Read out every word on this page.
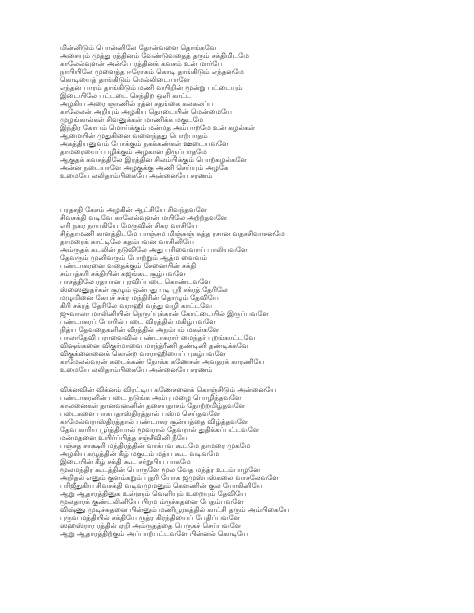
மின்னிடும் பொன்னிலே தோன்வளை தொங்கவே
அசையும் முத்து ரத்தினம் வேண்டுவதைத் தரும் சக்திமிடமே
காலேல்வுளன் அன்பே ரத்தினக் கவசம் உன் மார்பே
நாபியிலே முளைத்த ஈரோகம் கொடி தாங்கிடும் எந்தனமே
கொடியைத் தாங்கிடும் மெல்லிடையாளே
எந்தன பாரம் தாங்கிடும் மணி வயிறின் மூன்று பட்டையும்
இடையிலே பட்டடை செந்திற ஒளி காட்ட
அழகிய அரை ஞாணில் ரத்ன சதங்கை கலகலப்ப
காலேலன் அறியும் அழகிய தொடையின் மென்மையே
முழங்கால்கள் சிவனுக்கள் மாணிக்க மகுடமே
இந்திர கோபம் மொய்க்கும் மன்மத அம்பாறமே உன் கழல்கள்
ஆமையின் முதுகினை வளைந்தது பொற்பாதம்
அகத்தியனுவம் போக்கும் நகக்கண்கள் ஊடையவளே
தாமரையைப் பழிக்கும் அழகான திருப்பாதமே
ஆகுதக் கவசத்திலே இரத்தின சிலம்பிக்கும் பொற்கழல்களே
அன்ன நடையாளே அழகுக்கு அணி செய்யும் அழகே
உமையே லலிதாம்பிகையே அன்னையே சரணம்
பரதசதி கேசம் அழகின் ஆட்சியே சிவந்தவளே
சிவசக்தி வடிவே காலேல்வுளன் மயிலே அற்ற்தவளே
எரி நகர நாயகியே மேருவின் சிகர வாசியே
சிந்தாமணி காளத்திடமே பாஞ்சம மிஞ்சுஞ் சுத்த ரசான வதசசிவாசனமே
தாமரைக் காட்டிலே கதம்பவன வாசினியே
அம்ருதக் கடலின் நடுவிலே அது பரிவைவாய் பாலியவளே
தேவரும் முனிவரும் போற்றும் ஆத்ம வைவம்
பண்டாசுரனை வதைக்கும் சேனையின் சக்தி
சம்பத்கரி சக்தியின் கஜங்கட சூழ்பவளே
பாசத்திலே ரதயான புரவிப்படை கொண்டவளே
ஸ்ஸைனுதர்கள் சூழும் ஒன்பது படி ஸ்ரீ சக்ரத் தேரிலே
மழுமினை கேயச் சக்ர மந்திரின் தொழும் தேவியே
கிரி சக்ரத் தேரிலே வராஹி வந்து வழி காட்டவே
ஜுவாலா மாலினியின் நெருப்புக்கான் கோட்டையில் இருப்பவளே
பண்டாசுரப் போரில் படை விரத்தில் மகிழ்பவளே
நித்ய தேவதைகளின் வீரத்தில் அநம்பம் மகள்களே
பாலாதேவி பராவைவில் பண்டாசுரார் மைந்தர் புறங்காட்டவே
விஷங்கனை விகுர்மாவை மாந்த்ரீணி தண்டினி தண்டிக்கவே
விகுக்னைனைக் கொன்ற வாராஹியைப் புகழ்பவளே
காமேலல்வரன் கடைக்கண் நோக்க கணேசன் அவதரக் காரணியே
உமையே லலிதாம்பிகையே அன்னையே சரணம்
விக்னவின் விக்னம் விரட்டிய கணேசனைக் கொஞ்சிடும் அன்னையே
பண்டாசுரனின் படை நடுங்க அம்பு மழை பொழிந்தவளே
காலனைகள் தானவனனின் தசையதாசம் தோற்றமிழ்தவளே
படைகளை பாசுபதாஸ்திரத்தால் பஸ்ம செய்தவளே
காமேல்வராஸ்திரத்தால் பண்டாசுர சூன்யத்தை விழ்த்தவளே
தேவ காரிய பூர்த்தியால் மூவரால் தேவரால் துதிக்கப்பட்டவளே
மன்மதனை உயிர்ப்பித்த சஞ்சீவினி நீயே
பஞ்சத சாக்ஷரி மந்திரத்தின் வாக்பவ கூடமே தாமரை முகமே
அழகிய கழுத்தின் கீழ் மகுடம் மத்ய கூட வடிவமே
இடையின் கீழ் சக்தி கூட சர்றுபிய பாகமே
மூலமந்திர கூடத்தின் பொருளே மூல வேத மந்த்ர உடம்பாழனே
அறிதல் எனும் குளம்கறும் புதரி யோக ஜமுஸ்பஸ்கலை வாசலேவளே
பரிஜீதுகிய சிவசக்தி வடிவமுமனும் கௌணின் குல யோகினியே
ஆறு ஆதாரத்தினுக உள்ளும் வெளியும் உறையும் தேவியே
மூலதாரக் குண்டலினியே பிரம ம்ருச்சுதனை பேதம்பவளே
விஷ்ணு முடிச்சுதனை பின்னும் மணிபூரகத்தில் காட்சி தரும் அம்பிகையே
புருவ மத்தியில் சக்தியே ருத்ர கிரந்தியைப் பேதிப்பவளே
ஸஹஸ்ரார ரத்தில் ஏறி அம்ருதத்தை பெருகச் செய்பவளே
ஆறு ஆதாரத்திற்கும் அப்பாற்பட்டவளே பின்னல் கொடியே
